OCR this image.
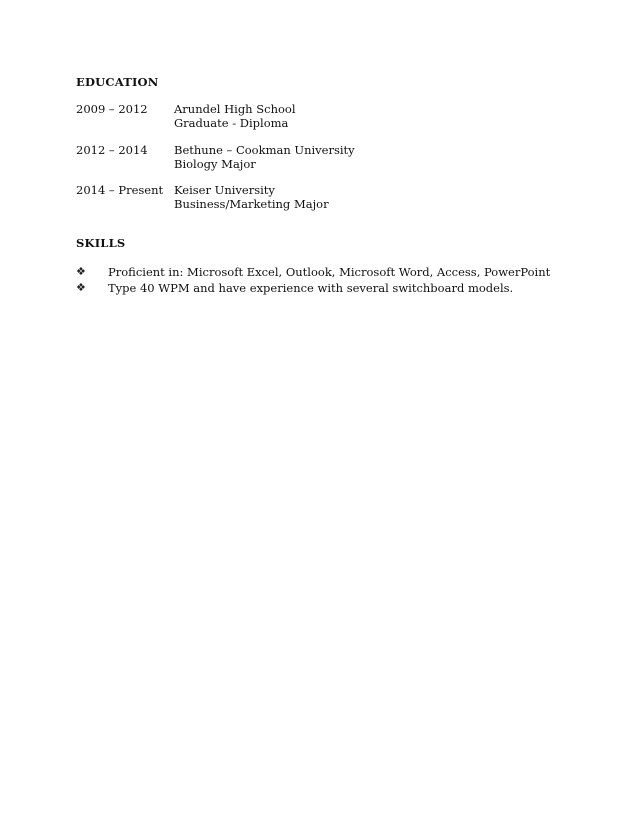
EDUCATION
2009 – 2012 Arundel High School
Graduate - Diploma
2012 – 2014 Bethune – Cookman University
Biology Major
2014 – Present Keiser University
Business/Marketing Major
SKILLS
❖ Proficient in: Microsoft Excel, Outlook, Microsoft Word, Access, PowerPoint
❖ Type 40 WPM and have experience with several switchboard models.
